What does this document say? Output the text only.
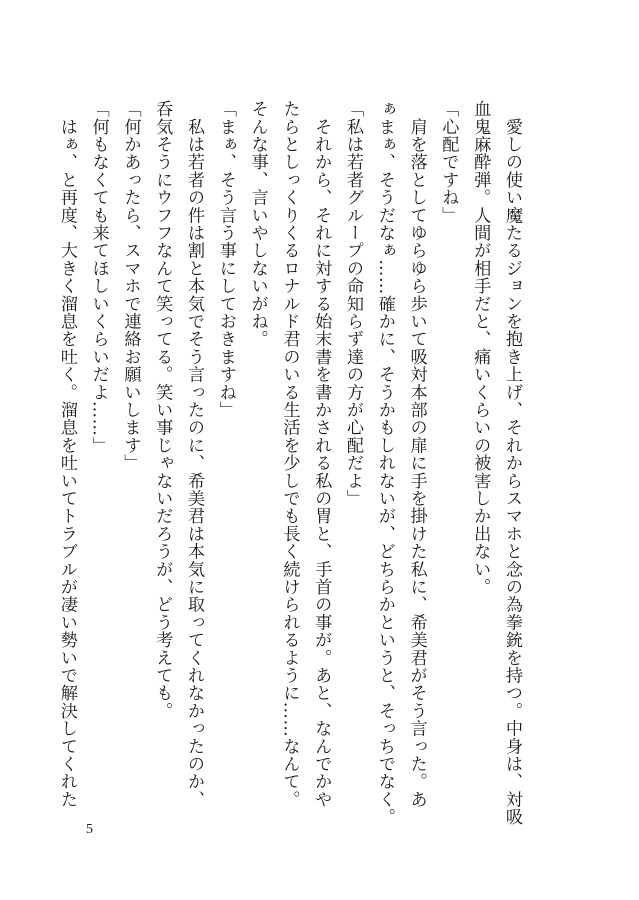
　愛しの使い魔たるジョンを抱き上げ、それからスマホと念の為拳銃を持つ。中身は、対吸
血鬼麻酔弾。人間が相手だと、痛いくらいの被害しか出ない。
「心配ですね」
　肩を落としてゆらゆら歩いて吸対本部の扉に手を掛けた私に、希美君がそう言った。あ
ぁまぁ、そうだなぁ……確かに、そうかもしれないが、どちらかというと、そっちでなく。
「私は若者グループの命知らず達の方が心配だよ」
　それから、それに対する始末書を書かされる私の胃と、手首の事が。あと、なんでかや
たらとしっくりくるロナルド君のいる生活を少しでも長く続けられるように……なんて。
そんな事、言いやしないがね。
「まぁ、そう言う事にしておきますね」
　私は若者の件は割と本気でそう言ったのに、希美君は本気に取ってくれなかったのか、
呑気そうにウフフなんて笑ってる。笑い事じゃないだろうが、どう考えても。
「何かあったら、スマホで連絡お願いします」
「何もなくても来てほしいくらいだよ……」
　はぁ、と再度、大きく溜息を吐く。溜息を吐いてトラブルが凄い勢いで解決してくれた
5
